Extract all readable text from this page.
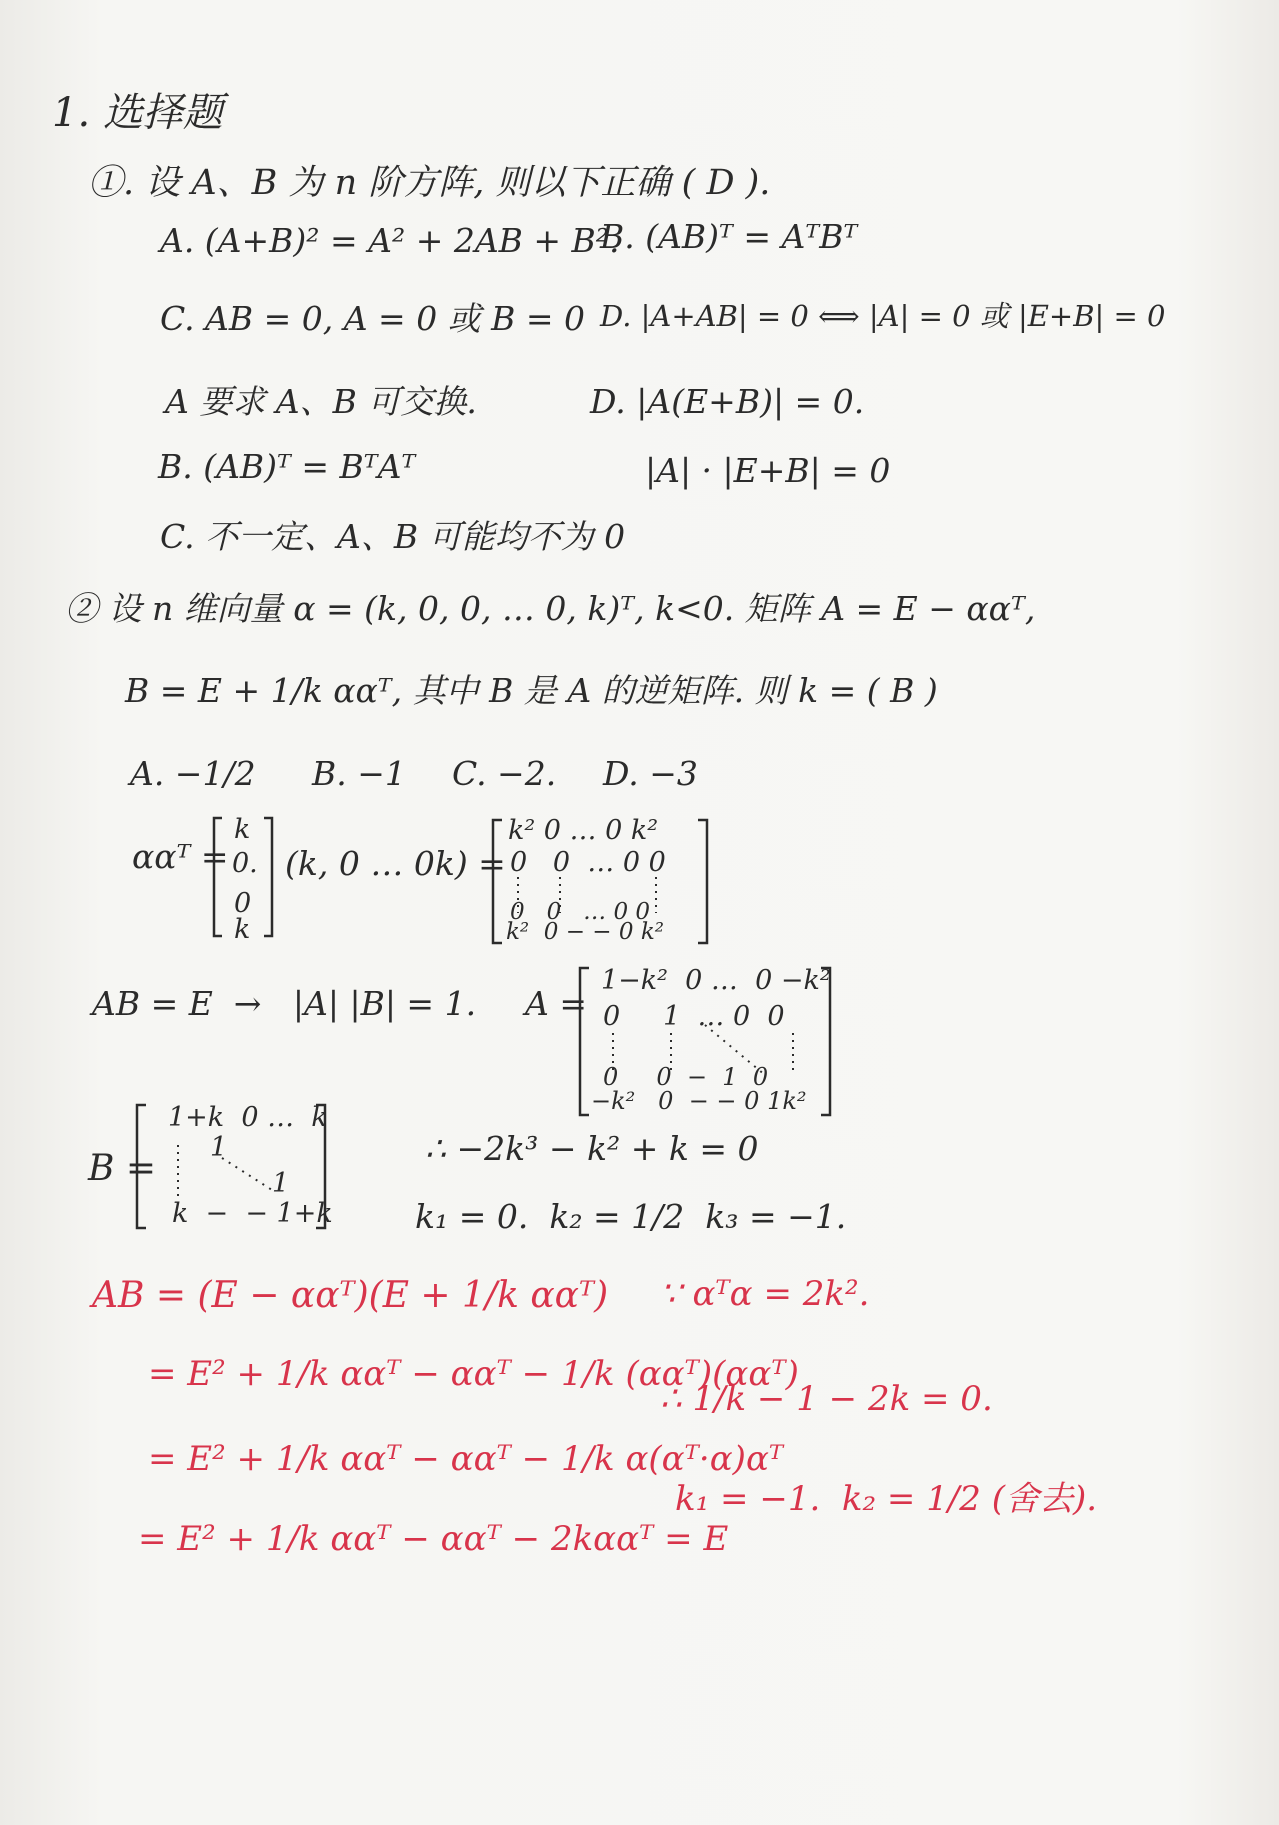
1. 选择题
①. 设 A、B 为 n 阶方阵, 则以下正确 ( D ).
A. (A+B)² = A² + 2AB + B².
B. (AB)ᵀ = AᵀBᵀ
C. AB = 0, A = 0 或 B = 0 D. |A+AB| = 0 ⟺ |A| = 0 或 |E+B| = 0
A 要求 A、B 可交换.	D. |A(E+B)| = 0.
B. (AB)ᵀ = BᵀAᵀ	|A| · |E+B| = 0
C. 不一定、A、B 可能均不为 0
② 设 n 维向量 α = (k, 0, 0, … 0, k)ᵀ, k<0. 矩阵 A = E − ααᵀ,
B = E + 1/k ααᵀ, 其中 B 是 A 的逆矩阵. 则 k = ( B )
A. −1/2 B. −1 C. −2. D. −3
ααᵀ =
k
0.
0
k
(k, 0 … 0k) =
k² 0 … 0 k²
0   0  … 0 0
0   0   … 0 0
k²  0 − − 0 k²
AB = E  →   |A| |B| = 1. A =
1−k²  0 …  0 −k²
0     1  … 0  0
0     0  −  1  0
−k²   0  − − 0 1k²
B =
1+k  0 …  k
1
1
k  −  − 1+k
∴ −2k³ − k² + k = 0
k₁ = 0.  k₂ = 1/2  k₃ = −1.
AB = (E − ααᵀ)(E + 1/k ααᵀ)
= E² + 1/k ααᵀ − ααᵀ − 1/k (ααᵀ)(ααᵀ)
= E² + 1/k ααᵀ − ααᵀ − 1/k α(αᵀ·α)αᵀ
= E² + 1/k ααᵀ − ααᵀ − 2kααᵀ = E
∵ αᵀα = 2k².
∴ 1/k − 1 − 2k = 0.
k₁ = −1.  k₂ = 1/2 (舍去).
